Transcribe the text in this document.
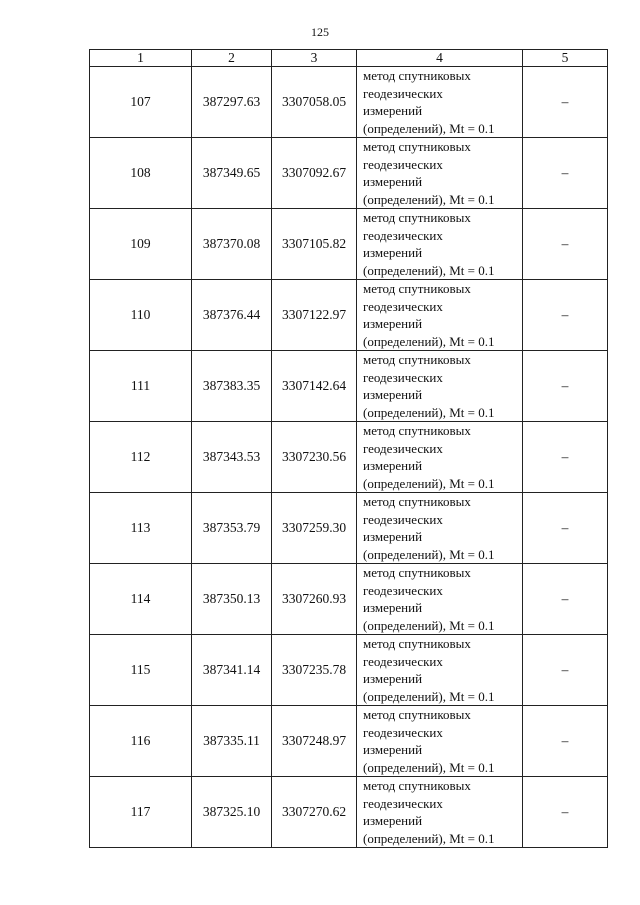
125
1	2	3	4	5
107	387297.63	3307058.05	метод спутниковых
геодезических
измерений
(определений), Mt = 0.1	–
108	387349.65	3307092.67	метод спутниковых
геодезических
измерений
(определений), Mt = 0.1	–
109	387370.08	3307105.82	метод спутниковых
геодезических
измерений
(определений), Mt = 0.1	–
110	387376.44	3307122.97	метод спутниковых
геодезических
измерений
(определений), Mt = 0.1	–
111	387383.35	3307142.64	метод спутниковых
геодезических
измерений
(определений), Mt = 0.1	–
112	387343.53	3307230.56	метод спутниковых
геодезических
измерений
(определений), Mt = 0.1	–
113	387353.79	3307259.30	метод спутниковых
геодезических
измерений
(определений), Mt = 0.1	–
114	387350.13	3307260.93	метод спутниковых
геодезических
измерений
(определений), Mt = 0.1	–
115	387341.14	3307235.78	метод спутниковых
геодезических
измерений
(определений), Mt = 0.1	–
116	387335.11	3307248.97	метод спутниковых
геодезических
измерений
(определений), Mt = 0.1	–
117	387325.10	3307270.62	метод спутниковых
геодезических
измерений
(определений), Mt = 0.1	–
